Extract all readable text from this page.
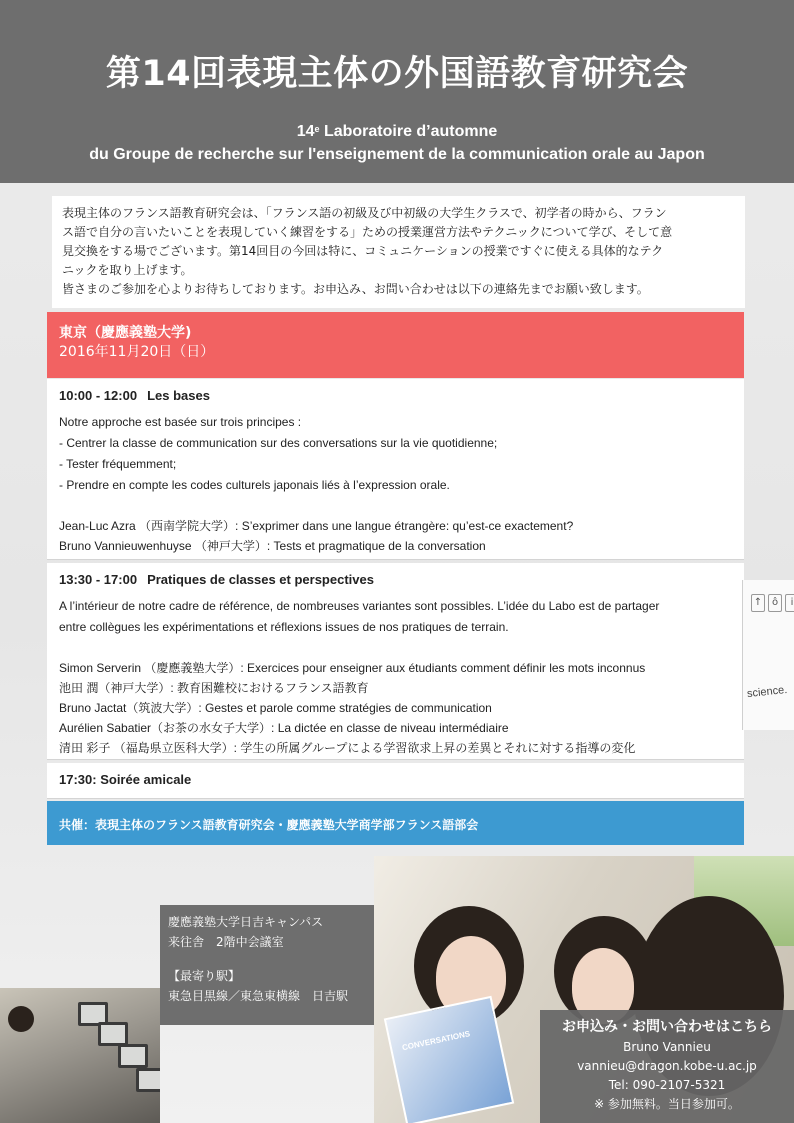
第14回表現主体の外国語教育研究会
14e Laboratoire d’automne
du Groupe de recherche sur l'enseignement de la communication orale au Japon
表現主体のフランス語教育研究会は、「フランス語の初級及び中初級の大学生クラスで、初学者の時から、フラン
ス語で自分の言いたいことを表現していく練習をする」ための授業運営方法やテクニックについて学び、そして意
見交換をする場でございます。第14回目の今回は特に、コミュニケーションの授業ですぐに使える具体的なテク
ニックを取り上げます。
皆さまのご参加を心よりお待ちしております。お申込み、お問い合わせは以下の連絡先までお願い致します。
東京（慶應義塾大学)
2016年11月20日（日）
10:00 - 12:00 Les bases
Notre approche est basée sur trois principes :
- Centrer la classe de communication sur des conversations sur la vie quotidienne;
- Tester fréquemment;
- Prendre en compte les codes culturels japonais liés à l’expression orale.
Jean-Luc Azra （西南学院大学）: S’exprimer dans une langue étrangère: qu’est-ce exactement?
Bruno Vannieuwenhuyse （神戸大学）: Tests et pragmatique de la conversation
13:30 - 17:00 Pratiques de classes et perspectives
A l’intérieur de notre cadre de référence, de nombreuses variantes sont possibles. L’idée du Labo est de partager
entre collègues les expérimentations et réflexions issues de nos pratiques de terrain.
Simon Serverin （慶應義塾大学）: Exercices pour enseigner aux étudiants comment définir les mots inconnus
池田 潤（神戸大学）: 教育困難校におけるフランス語教育
Bruno Jactat（筑波大学）: Gestes et parole comme stratégies de communication
Aurélien Sabatier（お茶の水女子大学）: La dictée en classe de niveau intermédiaire
清田 彩子 （福島県立医科大学）: 学生の所属グループによる学習欲求上昇の差異とそれに対する指導の変化
17:30: Soirée amicale
共催：表現主体のフランス語教育研究会・慶應義塾大学商学部フランス語部会
↑ ô	i
science.
CONVERSATIONS
慶應義塾大学日吉キャンパス
来往舎　2階中会議室
【最寄り駅】
東急目黒線／東急東横線　日吉駅
お申込み・お問い合わせはこちら
Bruno Vannieu
vannieu@dragon.kobe-u.ac.jp
Tel: 090-2107-5321
※ 参加無料。当日参加可。
